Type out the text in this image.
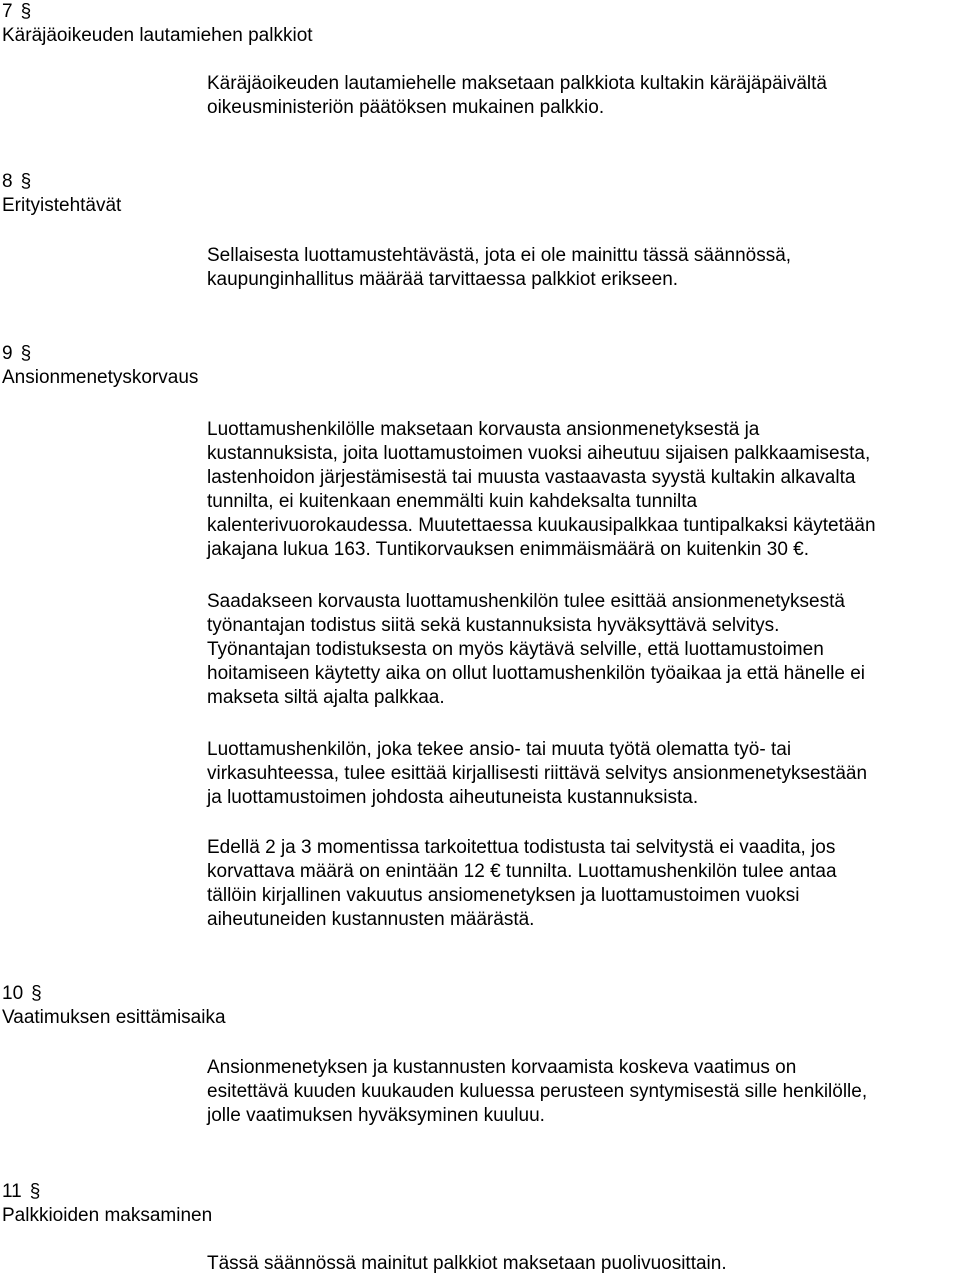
7 §
Käräjäoikeuden lautamiehen palkkiot
Käräjäoikeuden lautamiehelle maksetaan palkkiota kultakin käräjäpäivältä
oikeusministeriön päätöksen mukainen palkkio.
8 §
Erityistehtävät
Sellaisesta luottamustehtävästä, jota ei ole mainittu tässä säännössä,
kaupunginhallitus määrää tarvittaessa palkkiot erikseen.
9 §
Ansionmenetyskorvaus
Luottamushenkilölle maksetaan korvausta ansionmenetyksestä ja
kustannuksista, joita luottamustoimen vuoksi aiheutuu sijaisen palkkaamisesta,
lastenhoidon järjestämisestä tai muusta vastaavasta syystä kultakin alkavalta
tunnilta, ei kuitenkaan enemmälti kuin kahdeksalta tunnilta
kalenterivuorokaudessa. Muutettaessa kuukausipalkkaa tuntipalkaksi käytetään
jakajana lukua 163. Tuntikorvauksen enimmäismäärä on kuitenkin 30 €.
Saadakseen korvausta luottamushenkilön tulee esittää ansionmenetyksestä
työnantajan todistus siitä sekä kustannuksista hyväksyttävä selvitys.
Työnantajan todistuksesta on myös käytävä selville, että luottamustoimen
hoitamiseen käytetty aika on ollut luottamushenkilön työaikaa ja että hänelle ei
makseta siltä ajalta palkkaa.
Luottamushenkilön, joka tekee ansio- tai muuta työtä olematta työ- tai
virkasuhteessa, tulee esittää kirjallisesti riittävä selvitys ansionmenetyksestään
ja luottamustoimen johdosta aiheutuneista kustannuksista.
Edellä 2 ja 3 momentissa tarkoitettua todistusta tai selvitystä ei vaadita, jos
korvattava määrä on enintään 12 € tunnilta. Luottamushenkilön tulee antaa
tällöin kirjallinen vakuutus ansiomenetyksen ja luottamustoimen vuoksi
aiheutuneiden kustannusten määrästä.
10 §
Vaatimuksen esittämisaika
Ansionmenetyksen ja kustannusten korvaamista koskeva vaatimus on
esitettävä kuuden kuukauden kuluessa perusteen syntymisestä sille henkilölle,
jolle vaatimuksen hyväksyminen kuuluu.
11 §
Palkkioiden maksaminen
Tässä säännössä mainitut palkkiot maksetaan puolivuosittain.
